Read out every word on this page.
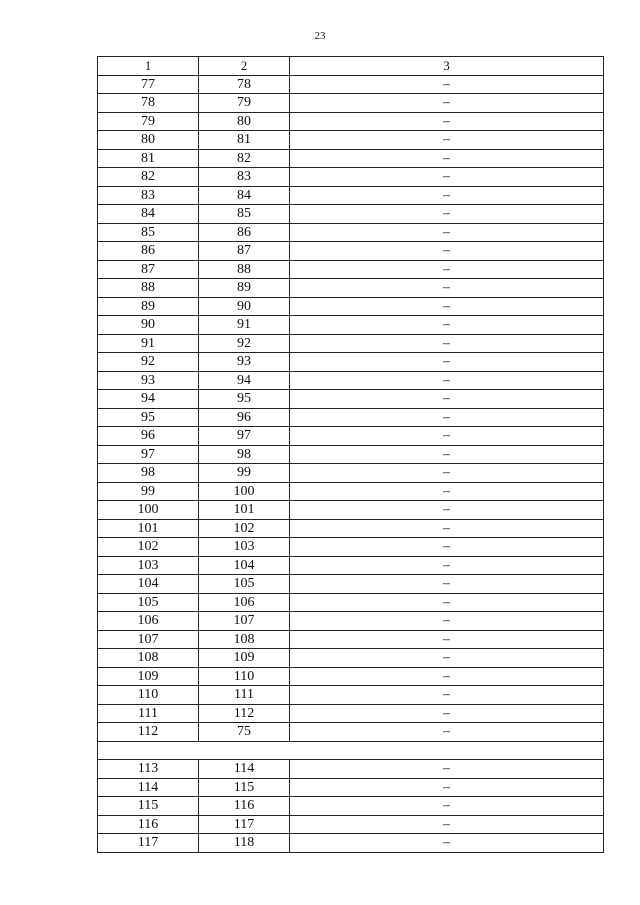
23
1	2	3
77	78	–
78	79	–
79	80	–
80	81	–
81	82	–
82	83	–
83	84	–
84	85	–
85	86	–
86	87	–
87	88	–
88	89	–
89	90	–
90	91	–
91	92	–
92	93	–
93	94	–
94	95	–
95	96	–
96	97	–
97	98	–
98	99	–
99	100	–
100	101	–
101	102	–
102	103	–
103	104	–
104	105	–
105	106	–
106	107	–
107	108	–
108	109	–
109	110	–
110	111	–
111	112	–
112	75	–

113	114	–
114	115	–
115	116	–
116	117	–
117	118	–
